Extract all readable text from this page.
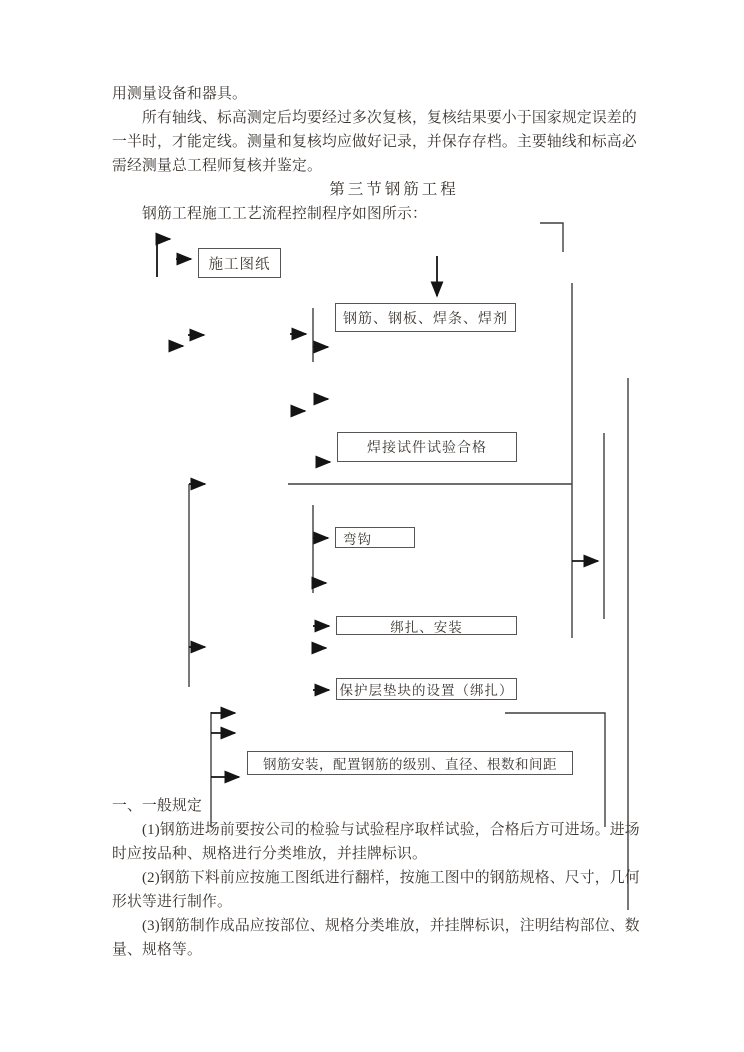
用测量设备和器具。
所有轴线、标高测定后均要经过多次复核，复核结果要小于国家规定误差的
一半时，才能定线。测量和复核均应做好记录，并保存存档。主要轴线和标高必
需经测量总工程师复核并鉴定。
第三节钢筋工程
钢筋工程施工工艺流程控制程序如图所示：
施工图纸
钢筋、钢板、焊条、焊剂
焊接试件试验合格
弯钩
绑扎、安装
保护层垫块的设置（绑扎）
钢筋安装，配置钢筋的级别、直径、根数和间距
一、一般规定
(1)钢筋进场前要按公司的检验与试验程序取样试验，合格后方可进场。进场
时应按品种、规格进行分类堆放，并挂牌标识。
(2)钢筋下料前应按施工图纸进行翻样，按施工图中的钢筋规格、尺寸，几何
形状等进行制作。
(3)钢筋制作成品应按部位、规格分类堆放，并挂牌标识，注明结构部位、数
量、规格等。
